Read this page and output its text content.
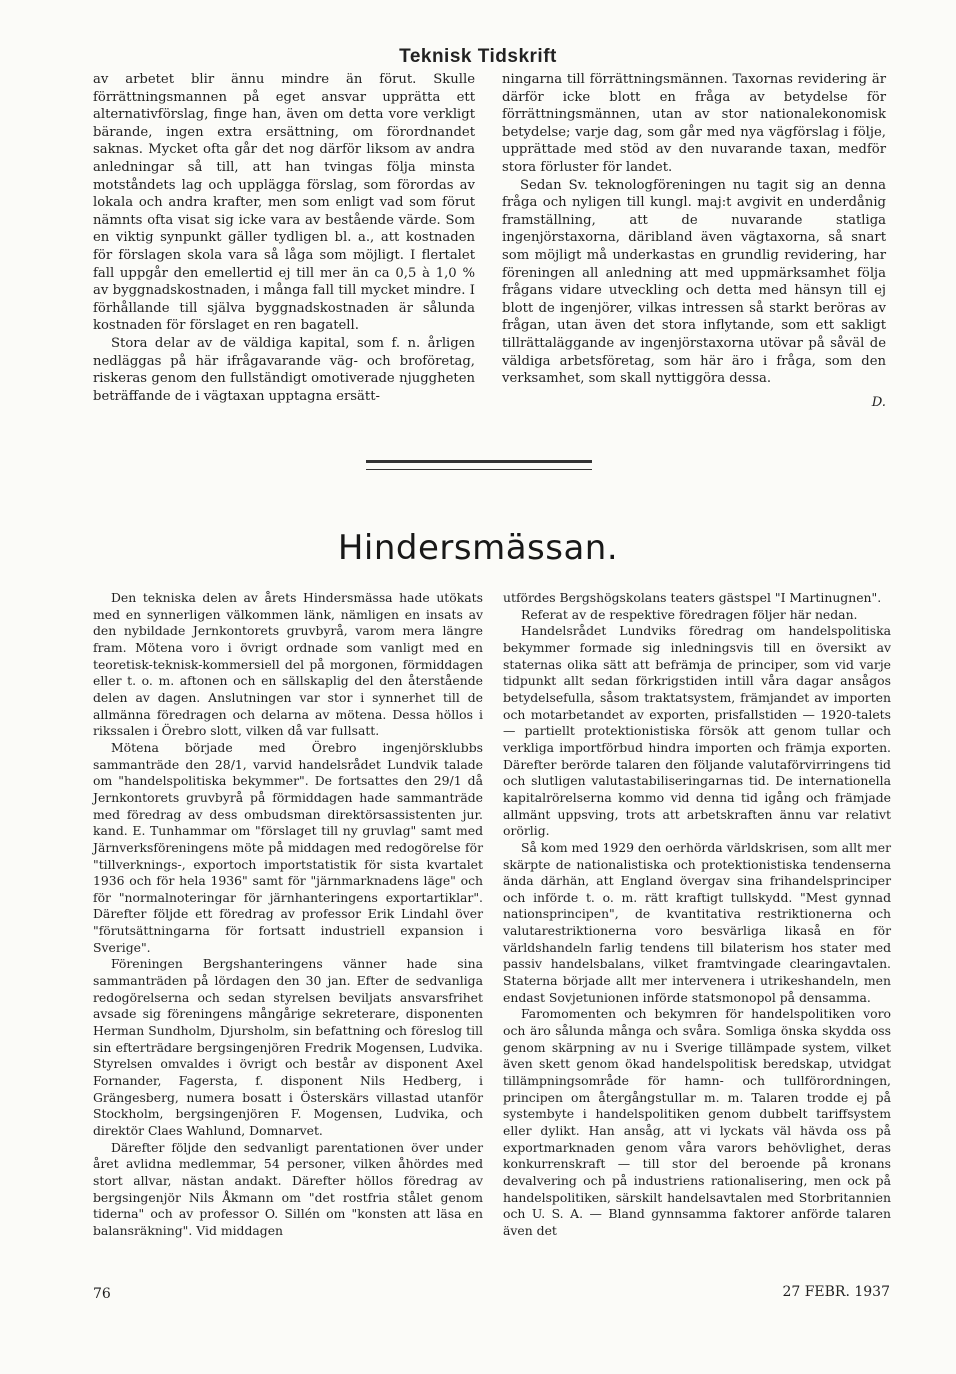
Teknisk Tidskrift

av arbetet blir ännu mindre än förut. Skulle förrättningsmannen på eget ansvar upprätta ett alternativförslag, finge han, även om detta vore verkligt bärande, ingen extra ersättning, om förordnandet saknas. Mycket ofta går det nog därför liksom av andra anledningar så till, att han tvingas följa minsta motståndets lag och upplägga förslag, som förordas av lokala och andra krafter, men som enligt vad som förut nämnts ofta visat sig icke vara av bestående värde. Som en viktig synpunkt gäller tydligen bl. a., att kostnaden för förslagen skola vara så låga som möjligt. I flertalet fall uppgår den emellertid ej till mer än ca 0,5 à 1,0 % av byggnadskostnaden, i många fall till mycket mindre. I förhållande till själva byggnadskostnaden är sålunda kostnaden för förslaget en ren bagatell.

Stora delar av de väldiga kapital, som f. n. årligen nedläggas på här ifrågavarande väg- och broföretag, riskeras genom den fullständigt omotiverade njuggheten beträffande de i vägtaxan upptagna ersätt-

ningarna till förrättningsmännen. Taxornas revidering är därför icke blott en fråga av betydelse för förrättningsmännen, utan av stor nationalekonomisk betydelse; varje dag, som går med nya vägförslag i följe, upprättade med stöd av den nuvarande taxan, medför stora förluster för landet.

Sedan Sv. teknologföreningen nu tagit sig an denna fråga och nyligen till kungl. maj:t avgivit en underdånig framställning, att de nuvarande statliga ingenjörstaxorna, däribland även vägtaxorna, så snart som möjligt må underkastas en grundlig revidering, har föreningen all anledning att med uppmärksamhet följa frågans vidare utveckling och detta med hänsyn till ej blott de ingenjörer, vilkas intressen så starkt beröras av frågan, utan även det stora inflytande, som ett sakligt tillrättaläggande av ingenjörstaxorna utövar på såväl de väldiga arbetsföretag, som här äro i fråga, som den verksamhet, som skall nyttiggöra dessa.

D.

Hindersmässan.

Den tekniska delen av årets Hindersmässa hade utökats med en synnerligen välkommen länk, nämligen en insats av den nybildade Jernkontorets gruvbyrå, varom mera längre fram. Mötena voro i övrigt ordnade som vanligt med en teoretisk-teknisk-kommersiell del på morgonen, förmiddagen eller t. o. m. aftonen och en sällskaplig del den återstående delen av dagen. Anslutningen var stor i synnerhet till de allmänna föredragen och delarna av mötena. Dessa höllos i rikssalen i Örebro slott, vilken då var fullsatt.

Mötena började med Örebro ingenjörsklubbs sammanträde den 28/1, varvid handelsrådet Lundvik talade om "handelspolitiska bekymmer". De fortsattes den 29/1 då Jernkontorets gruvbyrå på förmiddagen hade sammanträde med föredrag av dess ombudsman direktörsassistenten jur. kand. E. Tunhammar om "förslaget till ny gruvlag" samt med Järnverksföreningens möte på middagen med redogörelse för "tillverknings-, exportoch importstatistik för sista kvartalet 1936 och för hela 1936" samt för "järnmarknadens läge" och för "normalnoteringar för järnhanteringens exportartiklar". Därefter följde ett föredrag av professor Erik Lindahl över "förutsättningarna för fortsatt industriell expansion i Sverige".

Föreningen Bergshanteringens vänner hade sina sammanträden på lördagen den 30 jan. Efter de sedvanliga redogörelserna och sedan styrelsen beviljats ansvarsfrihet avsade sig föreningens mångårige sekreterare, disponenten Herman Sundholm, Djursholm, sin befattning och föreslog till sin efterträdare bergsingenjören Fredrik Mogensen, Ludvika. Styrelsen omvaldes i övrigt och består av disponent Axel Fornander, Fagersta, f. disponent Nils Hedberg, i Grängesberg, numera bosatt i Österskärs villastad utanför Stockholm, bergsingenjören F. Mogensen, Ludvika, och direktör Claes Wahlund, Domnarvet.

Därefter följde den sedvanligt parentationen över under året avlidna medlemmar, 54 personer, vilken åhördes med stort allvar, nästan andakt. Därefter höllos föredrag av bergsingenjör Nils Åkmann om "det rostfria stålet genom tiderna" och av professor O. Sillén om "konsten att läsa en balansräkning". Vid middagen

utfördes Bergshögskolans teaters gästspel "I Martinugnen".

Referat av de respektive föredragen följer här nedan.

Handelsrådet Lundviks föredrag om handelspolitiska bekymmer formade sig inledningsvis till en översikt av staternas olika sätt att befrämja de principer, som vid varje tidpunkt allt sedan förkrigstiden intill våra dagar ansågos betydelsefulla, såsom traktatsystem, främjandet av importen och motarbetandet av exporten, prisfallstiden — 1920-talets — partiellt protektionistiska försök att genom tullar och verkliga importförbud hindra importen och främja exporten. Därefter berörde talaren den följande valutaförvirringens tid och slutligen valutastabiliseringarnas tid. De internationella kapitalrörelserna kommo vid denna tid igång och främjade allmänt uppsving, trots att arbetskraften ännu var relativt orörlig.

Så kom med 1929 den oerhörda världskrisen, som allt mer skärpte de nationalistiska och protektionistiska tendenserna ända därhän, att England övergav sina frihandelsprinciper och införde t. o. m. rätt kraftigt tullskydd. "Mest gynnad nationsprincipen", de kvantitativa restriktionerna och valutarestriktionerna voro besvärliga likaså en för världshandeln farlig tendens till bilaterism hos stater med passiv handelsbalans, vilket framtvingade clearingavtalen. Staterna började allt mer intervenera i utrikeshandeln, men endast Sovjetunionen införde statsmonopol på densamma.

Faromomenten och bekymren för handelspolitiken voro och äro sålunda många och svåra. Somliga önska skydda oss genom skärpning av nu i Sverige tillämpade system, vilket även skett genom ökad handelspolitisk beredskap, utvidgat tillämpningsområde för hamn- och tullförordningen, principen om återgångstullar m. m. Talaren trodde ej på systembyte i handelspolitiken genom dubbelt tariffsystem eller dylikt. Han ansåg, att vi lyckats väl hävda oss på exportmarknaden genom våra varors behövlighet, deras konkurrenskraft — till stor del beroende på kronans devalvering och på industriens rationalisering, men ock på handelspolitiken, särskilt handelsavtalen med Storbritannien och U. S. A. — Bland gynnsamma faktorer anförde talaren även det

76	27 FEBR. 1937
